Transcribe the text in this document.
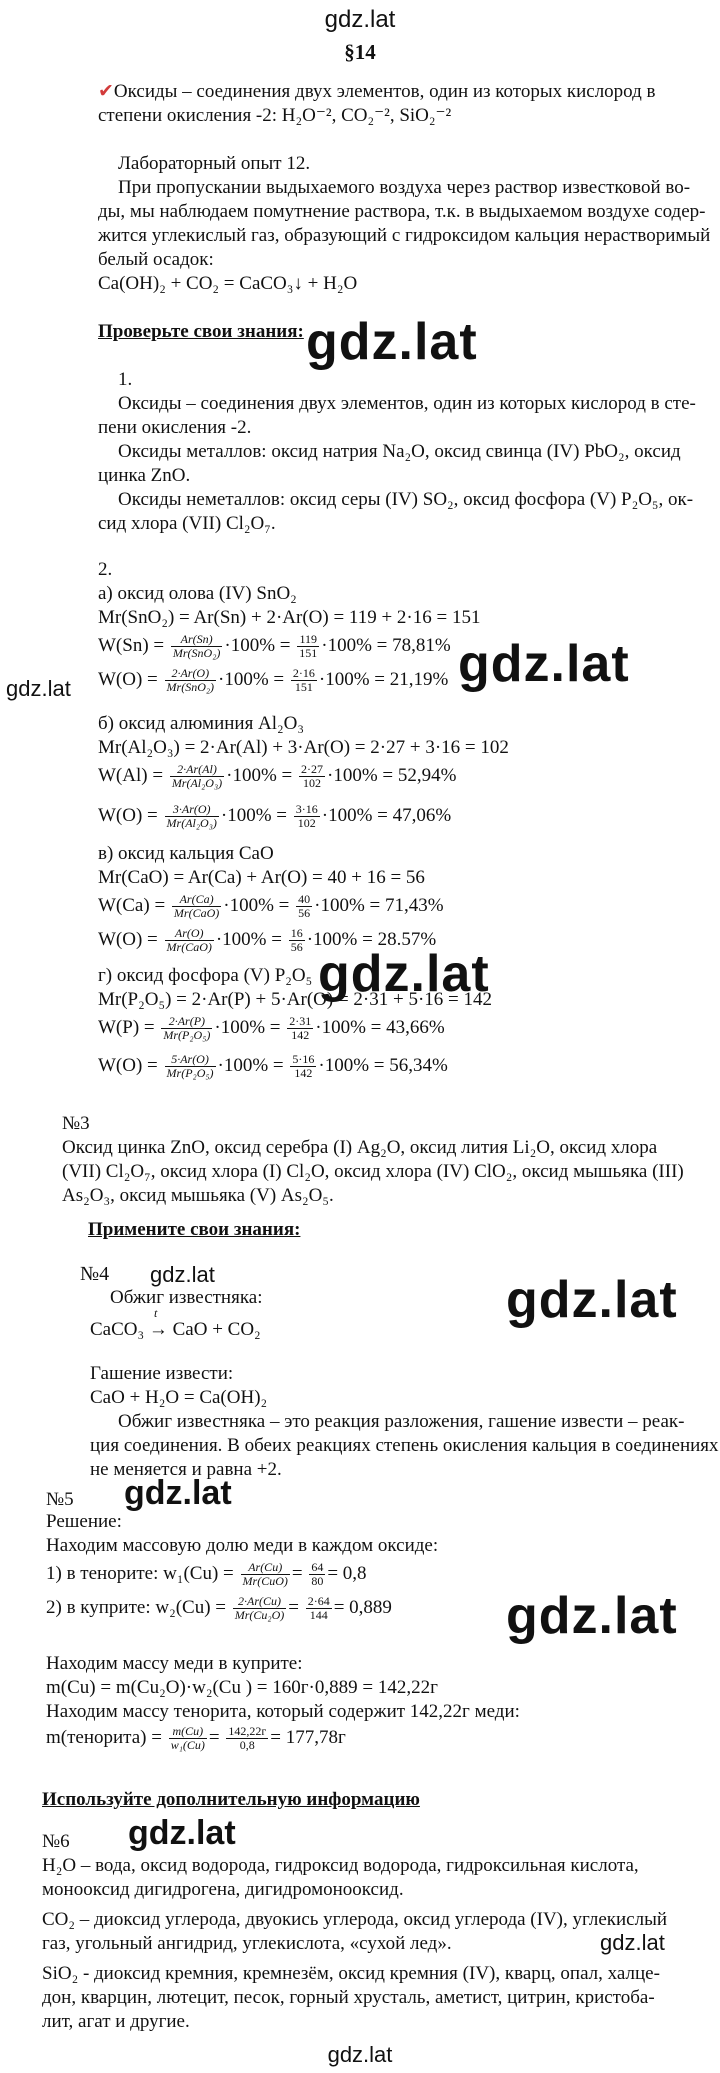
gdz.lat
§14
✔Оксиды – соединения двух элементов, один из которых кислород в
степени окисления -2: H₂O⁻², CO₂⁻², SiO₂⁻²
Лабораторный опыт 12.
При пропускании выдыхаемого воздуха через раствор известковой во-
ды, мы наблюдаем помутнение раствора, т.к. в выдыхаемом воздухе содер-
жится углекислый газ, образующий с гидроксидом кальция нерастворимый
белый осадок:
Ca(OH)₂ + CO₂ = CaCO₃↓ + H₂O
Проверьте свои знания: gdz.lat
1.
Оксиды – соединения двух элементов, один из которых кислород в сте-
пени окисления -2.
Оксиды металлов: оксид натрия Na₂O, оксид свинца (IV) PbO₂, оксид
цинка ZnO.
Оксиды неметаллов: оксид серы (IV) SO₂, оксид фосфора (V) P₂O₅, ок-
сид хлора (VII) Cl₂O₇.
2.
а) оксид олова (IV) SnO₂
Mr(SnO₂) = Ar(Sn) + 2·Ar(O) = 119 + 2·16 = 151
$W(Sn) = \frac{Ar(Sn)}{\text{Mr(SnO₂)}} \cdot 100\% = \frac{119}{151} \cdot 100\% = 78,81\%$
$W(O) = \frac{2\cdot Ar(O)}{\text{Mr(SnO₂)}} \cdot 100\% = \frac{2\cdot 16}{151} \cdot 100\% = 21,19\%$
gdz.lat	gdz.lat
б) оксид алюминия Al₂O₃
Mr(Al₂O₃) = 2·Ar(Al) + 3·Ar(O) = 2·27 + 3·16 = 102
$W(Al) = \frac{2\cdot Ar(Al)}{\text{Mr(Al₂O₃)}} \cdot 100\% = \frac{2\cdot 27}{102} \cdot 100\% = 52,94\%$
$W(O) = \frac{3\cdot Ar(O)}{\text{Mr(Al₂O₃)}} \cdot 100\% = \frac{3\cdot 16}{102} \cdot 100\% = 47,06\%$
в) оксид кальция CaO
Mr(CaO) = Ar(Ca) + Ar(O) = 40 + 16 = 56
$W(Ca) = \frac{Ar(Ca)}{\text{Mr(CaO)}} \cdot 100\% = \frac{40}{56} \cdot 100\% = 71,43\%$
$W(O) = \frac{Ar(O)}{\text{Mr(CaO)}} \cdot 100\% = \frac{16}{56} \cdot 100\% = 28.57\%$
gdz.lat
г) оксид фосфора (V) P₂O₅
Mr(P₂O₅) = 2·Ar(P) + 5·Ar(O) = 2·31 + 5·16 = 142
$W(P) = \frac{2\cdot Ar(P)}{\text{Mr(P₂O₅)}} \cdot 100\% = \frac{2\cdot 31}{142} \cdot 100\% = 43,66\%$
$W(O) = \frac{5\cdot Ar(O)}{\text{Mr(P₂O₅)}} \cdot 100\% = \frac{5\cdot 16}{142} \cdot 100\% = 56,34\%$
№3
Оксид цинка ZnO, оксид серебра (I) Ag₂O, оксид лития Li₂O, оксид хлора
(VII) Cl₂O₇, оксид хлора (I) Cl₂O, оксид хлора (IV) ClO₂, оксид мышьяка (III)
As₂O₃, оксид мышьяка (V) As₂O₅.
Примените свои знания:
№4 gdz.lat
Обжиг известняка:
t
CaCO₃ → CaO + CO₂
gdz.lat
Гашение извести:
CaO + H₂O = Ca(OH)₂
Обжиг известняка – это реакция разложения, гашение извести – реак-
ция соединения. В обеих реакциях степень окисления кальция в соединениях
не меняется и равна +2.
№5 gdz.lat
Решение:
Находим массовую долю меди в каждом оксиде:
1) в тенорите: $w_1(Cu) = \frac{Ar(Cu)}{\text{Mr(CuO)}} = \frac{64}{80} = 0,8$
2) в куприте: $w_2(Cu) = \frac{2\cdot Ar(Cu)}{\text{Mr(Cu₂O)}} = \frac{2\cdot 64}{144} = 0,889$ gdz.lat
Находим массу меди в куприте:
m(Cu) = m(Cu₂O)·w₂(Cu ) = 160г·0,889 = 142,22г
Находим массу тенорита, который содержит 142,22г меди:
m(тенорита) = $\frac{m(Cu)}{\text{w₁(Cu)}} = \frac{142,22г}{0,8} = 177,78г$
Используйте дополнительную информацию
№6 gdz.lat
H₂O – вода, оксид водорода, гидроксид водорода, гидроксильная кислота,
монооксид дигидрогена, дигидромонооксид.
CO₂ – диоксид углерода, двуокись углерода, оксид углерода (IV), углекислый
газ, угольный ангидрид, углекислота, «сухой лед».	gdz.lat
SiO₂ - диоксид кремния, кремнезём, оксид кремния (IV), кварц, опал, халце-
дон, кварцин, лютецит, песок, горный хрусталь, аметист, цитрин, кристоба-
лит, агат и другие.
gdz.lat
